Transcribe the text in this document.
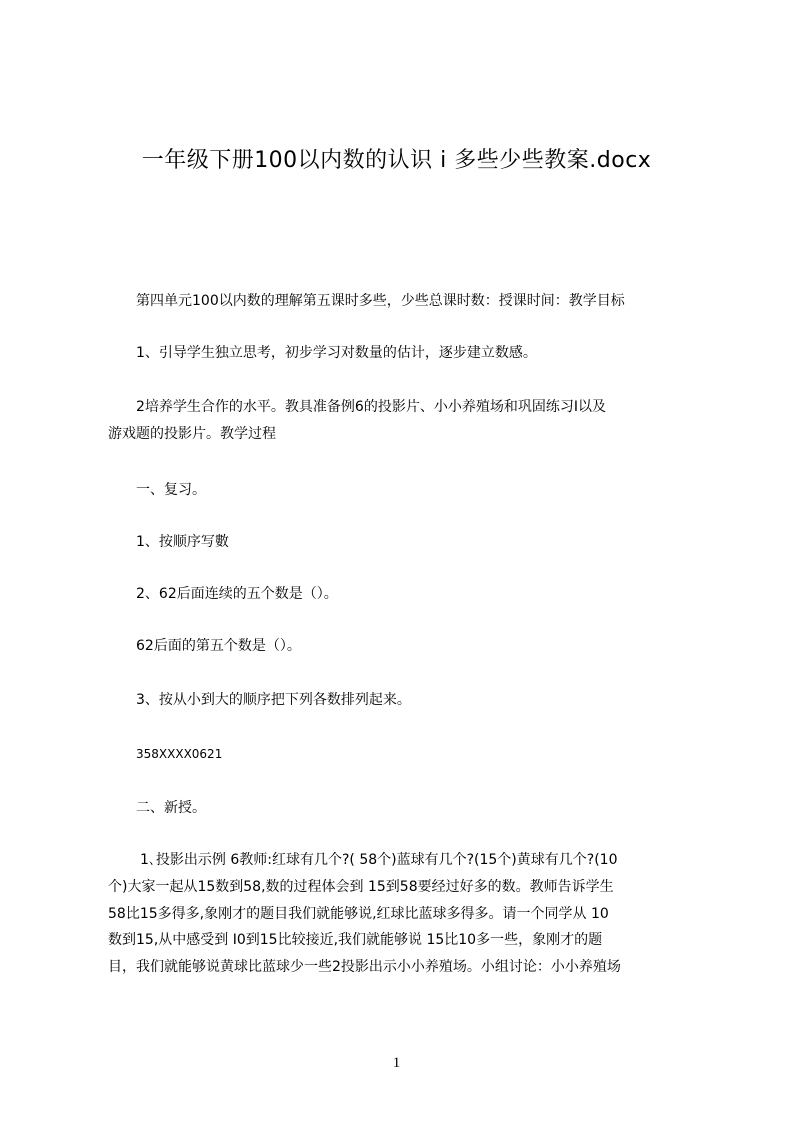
一年级下册100以内数的认识 i 多些少些教案.docx
第四单元100以内数的理解第五课时多些，少些总课时数：授课时间：教学目标
1、引导学生独立思考，初步学习对数量的估计，逐步建立数感。
2培养学生合作的水平。教具准备例6的投影片、小小养殖场和巩固练习Ⅰ以及
游戏题的投影片。教学过程
一、复习。
1、按顺序写數
2、62后面连续的五个数是（）。
62后面的第五个数是（）。
3、按从小到大的顺序把下列各数排列起来。
358XXXX0621
二、新授。
1､投影出示例 6教师:红球有几个?( 58个)蓝球有几个?(15个)黄球有几个?(10
个)大家一起从15数到58,数的过程体会到 15到58要经过好多的数。教师告诉学生
58比15多得多,象刚才的题目我们就能够说,红球比蓝球多得多。请一个同学从 10
数到15,从中感受到 I0到15比较接近,我们就能够说 15比10多一些，象刚才的题
目，我们就能够说黄球比蓝球少一些2投影出示小小养殖场。小组讨论：小小养殖场
1
